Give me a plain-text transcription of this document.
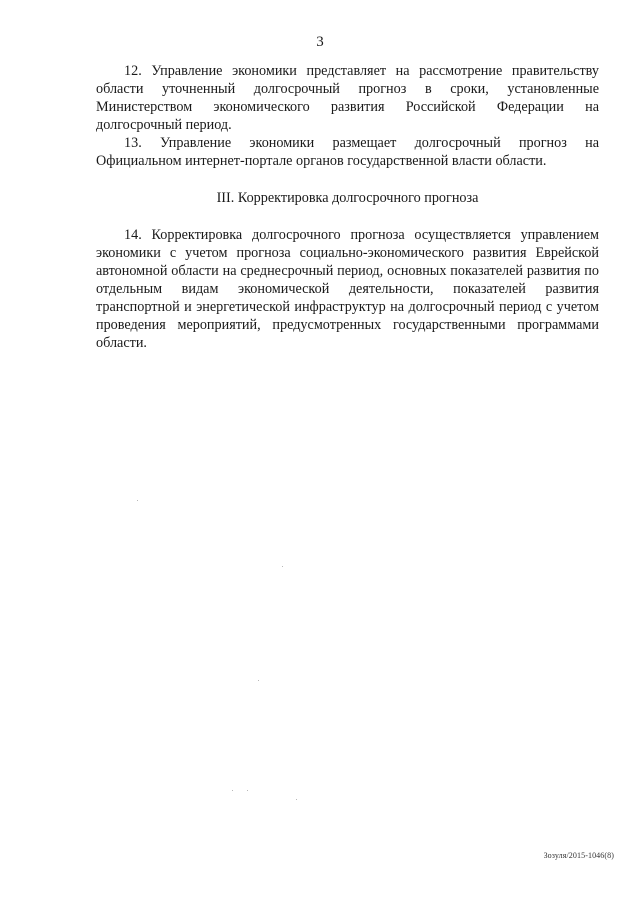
3

12. Управление экономики представляет на рассмотрение правительству области уточненный долгосрочный прогноз в сроки, установленные Министерством экономического развития Российской Федерации на долгосрочный период.

13. Управление экономики размещает долгосрочный прогноз на Официальном интернет-портале органов государственной власти области.

III. Корректировка долгосрочного прогноза

14. Корректировка долгосрочного прогноза осуществляется управлением экономики с учетом прогноза социально-экономического развития Еврейской автономной области на среднесрочный период, основных показателей развития по отдельным видам экономической деятельности, показателей развития транспортной и энергетической инфраструктур на долгосрочный период с учетом проведения мероприятий, предусмотренных государственными программами области.

Зозуля/2015-1046(8)
